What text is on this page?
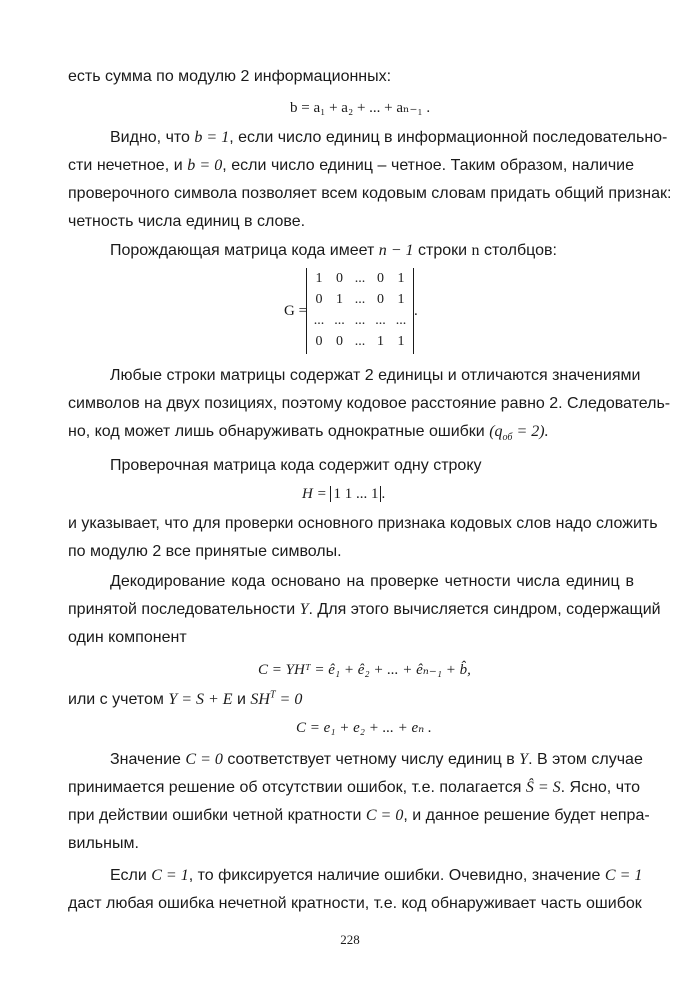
есть сумма по модулю 2 информационных:
b = a₁ + a₂ + ... + aₙ₋₁ .
Видно, что b = 1, если число единиц в информационной последовательно-
сти нечетное, и b = 0, если число единиц – четное. Таким образом, наличие
проверочного символа позволяет всем кодовым словам придать общий признак:
четность числа единиц в слове.
Порождающая матрица кода имеет n − 1 строки n столбцов:
G =
1 0 ... 0 1
0 1 ... 0 1
... ... ... ... ...
0 0 ... 1 1
.
Любые строки матрицы содержат 2 единицы и отличаются значениями
символов на двух позициях, поэтому кодовое расстояние равно 2. Следователь-
но, код может лишь обнаруживать однократные ошибки $(q_{об} = 2)$.
Проверочная матрица кода содержит одну строку
H = 1 1 ... 1 .
и указывает, что для проверки основного признака кодовых слов надо сложить
по модулю 2 все принятые символы.
Декодирование кода основано на проверке четности числа единиц в
принятой последовательности Y. Для этого вычисляется синдром, содержащий
один компонент
C = YHᵀ = ê₁ + ê₂ + ... + êₙ₋₁ + b̂,
или с учетом Y = S + E и $SH^T = 0$
C = e₁ + e₂ + ... + eₙ .
Значение C = 0 соответствует четному числу единиц в Y. В этом случае
принимается решение об отсутствии ошибок, т.е. полагается Ŝ = S. Ясно, что
при действии ошибки четной кратности C = 0, и данное решение будет непра-
вильным.
Если C = 1, то фиксируется наличие ошибки. Очевидно, значение C = 1
даст любая ошибка нечетной кратности, т.е. код обнаруживает часть ошибок
228
